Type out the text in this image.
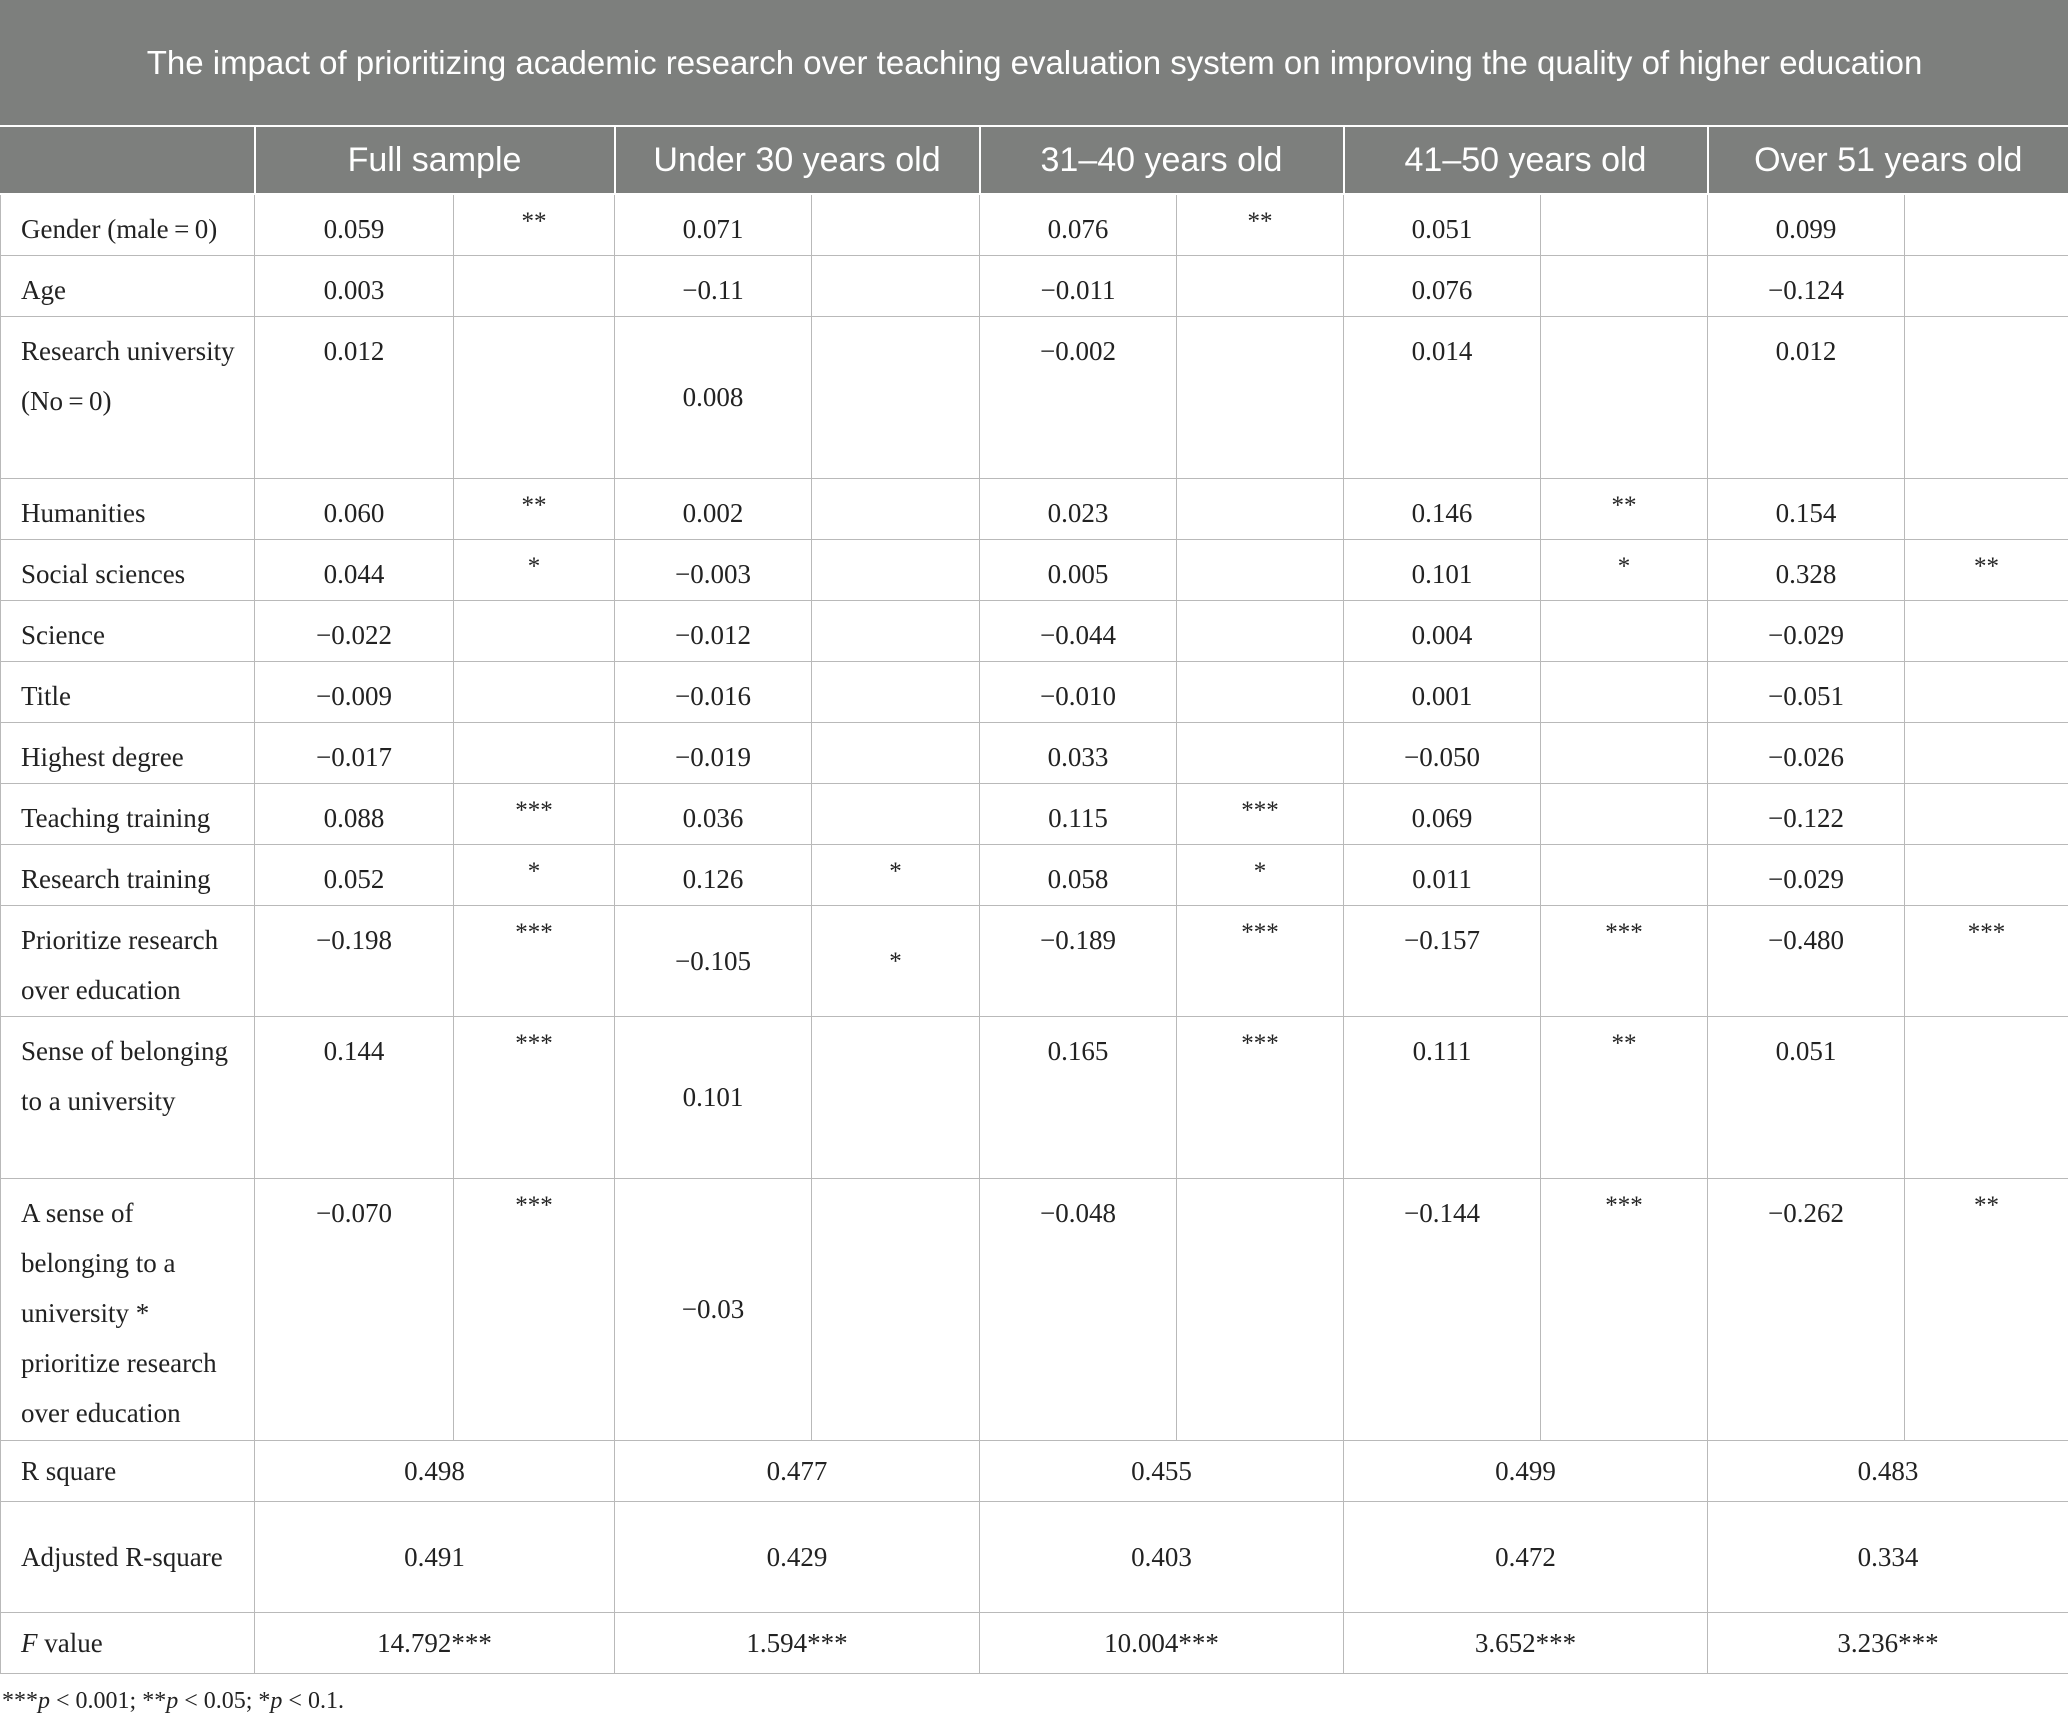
The impact of prioritizing academic research over teaching evaluation system on improving the quality of higher education										
	Full sample		Under 30 years old		31–40 years old		41–50 years old		Over 51 years old	
Gender (male = 0)	0.059	**	0.071		0.076	**	0.051		0.099	
Age	0.003		−0.11		−0.011		0.076		−0.124	
Research university (No = 0)	0.012		0.008		−0.002		0.014		0.012	
Humanities	0.060	**	0.002		0.023		0.146	**	0.154	
Social sciences	0.044	*	−0.003		0.005		0.101	*	0.328	**
Science	−0.022		−0.012		−0.044		0.004		−0.029	
Title	−0.009		−0.016		−0.010		0.001		−0.051	
Highest degree	−0.017		−0.019		0.033		−0.050		−0.026	
Teaching training	0.088	***	0.036		0.115	***	0.069		−0.122	
Research training	0.052	*	0.126	*	0.058	*	0.011		−0.029	
Prioritize research over education	−0.198	***	−0.105	*	−0.189	***	−0.157	***	−0.480	***
Sense of belonging to a university	0.144	***	0.101		0.165	***	0.111	**	0.051	
A sense of belonging to a university * prioritize research over education	−0.070	***	−0.03		−0.048		−0.144	***	−0.262	**
R square	0.498		0.477		0.455		0.499		0.483	
Adjusted R-square	0.491		0.429		0.403		0.472		0.334	
F value	14.792***		1.594***		10.004***		3.652***		3.236***	
***p < 0.001; **p < 0.05; *p < 0.1.
